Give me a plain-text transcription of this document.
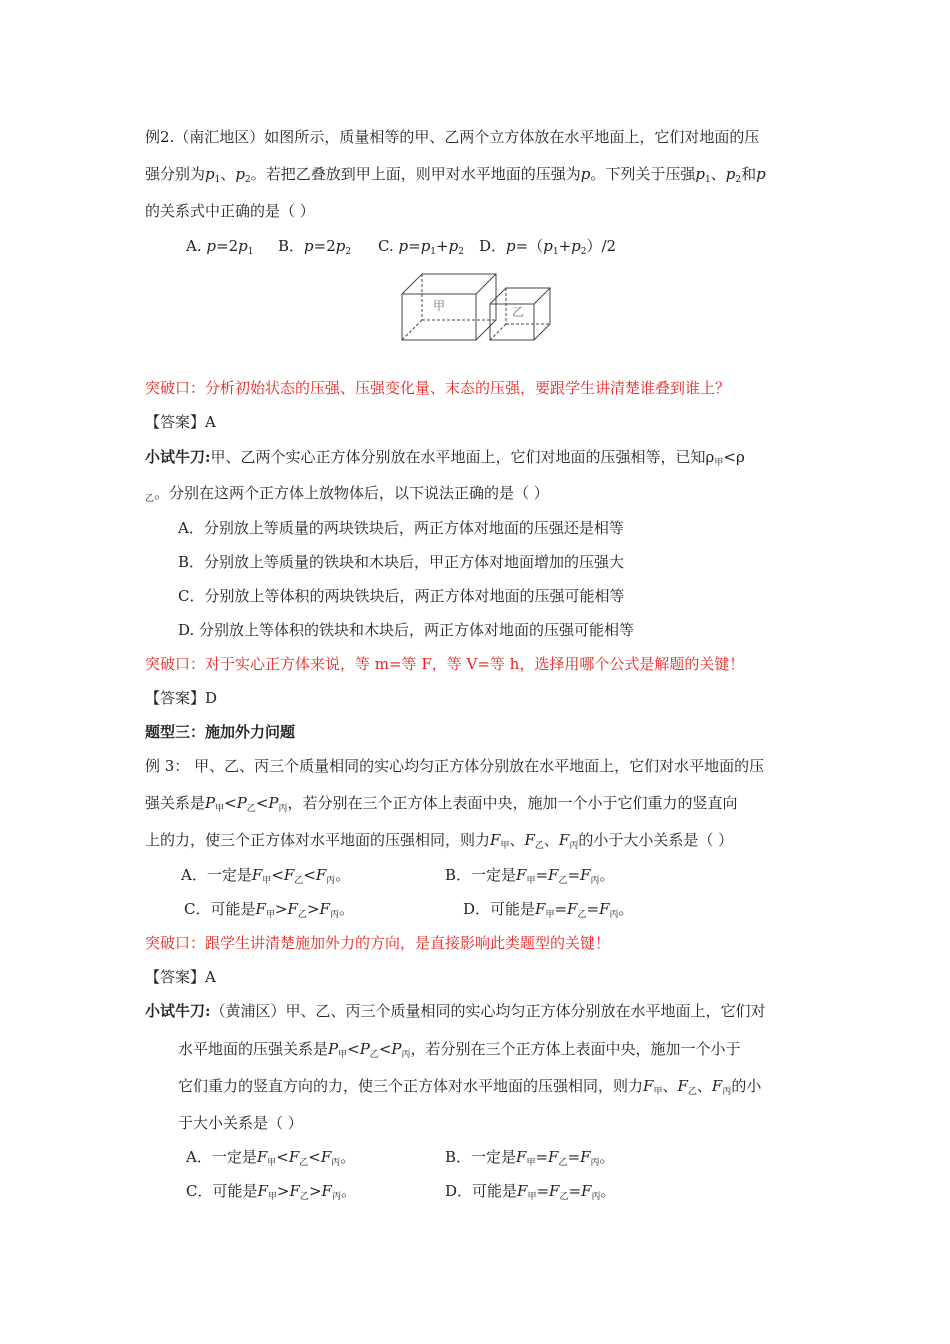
例2.（南汇地区）如图所示，质量相等的甲、乙两个立方体放在水平地面上，它们对地面的压
强分别为$p_1$、$p_2$。若把乙叠放到甲上面，则甲对水平地面的压强为p。下列关于压强$p_1$、$p_2$和p
的关系式中正确的是（ ）
A. $p=2p_1$ B．$p=2p_2$ C. $p=p_1+p_2$ D．$p=(p_1+p_2)/2$
甲	乙
突破口：分析初始状态的压强、压强变化量、末态的压强，要跟学生讲清楚谁叠到谁上？
【答案】A
小试牛刀:甲、乙两个实心正方体分别放在水平地面上，它们对地面的压强相等，已知$\rho_甲<\rho$
$_乙$。分别在这两个正方体上放物体后，以下说法正确的是（ ）
A．分别放上等质量的两块铁块后，两正方体对地面的压强还是相等
B．分别放上等质量的铁块和木块后，甲正方体对地面增加的压强大
C．分别放上等体积的两块铁块后，两正方体对地面的压强可能相等
D. 分别放上等体积的铁块和木块后，两正方体对地面的压强可能相等
突破口：对于实心正方体来说，等 m=等 F，等 V=等 h，选择用哪个公式是解题的关键！
【答案】D
题型三：施加外力问题
例 3： 甲、乙、丙三个质量相同的实心均匀正方体分别放在水平地面上，它们对水平地面的压
强关系是$P_甲<P_乙<P_丙$，若分别在三个正方体上表面中央，施加一个小于它们重力的竖直向
上的力，使三个正方体对水平地面的压强相同，则力$F_甲$、$F_乙$、$F_丙$的小于大小关系是（ ）
A．一定是$F_甲<F_乙<F_丙$。	B．一定是$F_甲=F_乙=F_丙$。
C．可能是$F_甲>F_乙>F_丙$。	D．可能是$F_甲=F_乙=F_丙$。
突破口：跟学生讲清楚施加外力的方向，是直接影响此类题型的关键！
【答案】A
小试牛刀:（黄浦区）甲、乙、丙三个质量相同的实心均匀正方体分别放在水平地面上，它们对
水平地面的压强关系是$P_甲<P_乙<P_丙$，若分别在三个正方体上表面中央，施加一个小于
它们重力的竖直方向的力，使三个正方体对水平地面的压强相同，则力$F_甲$、$F_乙$、$F_丙$的小
于大小关系是（ ）
A．一定是$F_甲<F_乙<F_丙$。	B．一定是$F_甲=F_乙=F_丙$。
C．可能是$F_甲>F_乙>F_丙$。	D．可能是$F_甲=F_乙=F_丙$。
